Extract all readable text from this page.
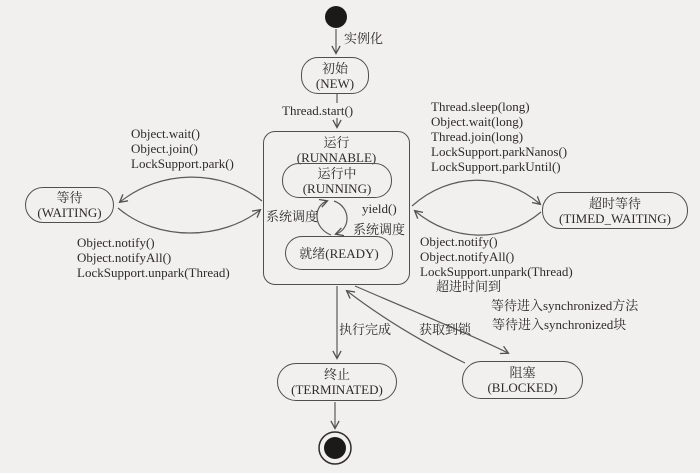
初始
(NEW)
运行
(RUNNABLE)
运行中
(RUNNING)
就绪(READY)
等待
(WAITING)
超时等待
(TIMED_WAITING)
终止
(TERMINATED)
阻塞
(BLOCKED)
实例化
Thread.start()
Object.wait()
Object.join()
LockSupport.park()
Object.notify()
Object.notifyAll()
LockSupport.unpark(Thread)
Thread.sleep(long)
Object.wait(long)
Thread.join(long)
LockSupport.parkNanos()
LockSupport.parkUntil()
Object.notify()
Object.notifyAll()
LockSupport.unpark(Thread)
超进时间到
系统调度
yield()
系统调度
执行完成 获取到锁
等待进入synchronized方法
等待进入synchronized块
